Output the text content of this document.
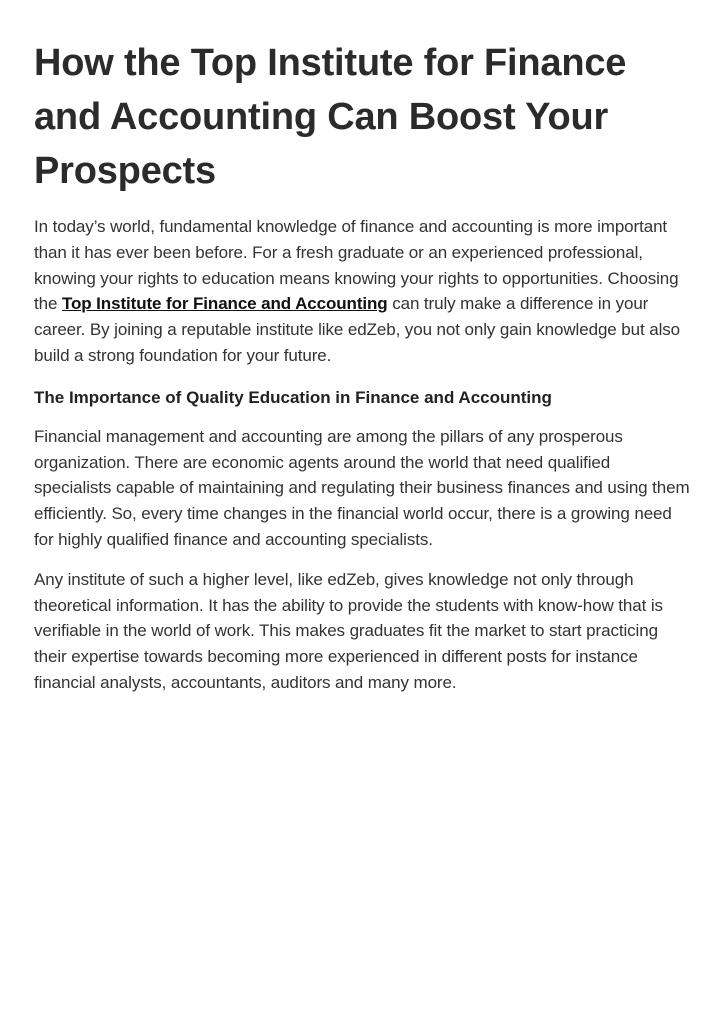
How the Top Institute for Finance and Accounting Can Boost Your Prospects

In today’s world, fundamental knowledge of finance and accounting is more important than it has ever been before. For a fresh graduate or an experienced professional, knowing your rights to education means knowing your rights to opportunities. Choosing the Top Institute for Finance and Accounting can truly make a difference in your career. By joining a reputable institute like edZeb, you not only gain knowledge but also build a strong foundation for your future.

The Importance of Quality Education in Finance and Accounting

Financial management and accounting are among the pillars of any prosperous organization. There are economic agents around the world that need qualified specialists capable of maintaining and regulating their business finances and using them efficiently. So, every time changes in the financial world occur, there is a growing need for highly qualified finance and accounting specialists.

Any institute of such a higher level, like edZeb, gives knowledge not only through theoretical information. It has the ability to provide the students with know-how that is verifiable in the world of work. This makes graduates fit the market to start practicing their expertise towards becoming more experienced in different posts for instance financial analysts, accountants, auditors and many more.
